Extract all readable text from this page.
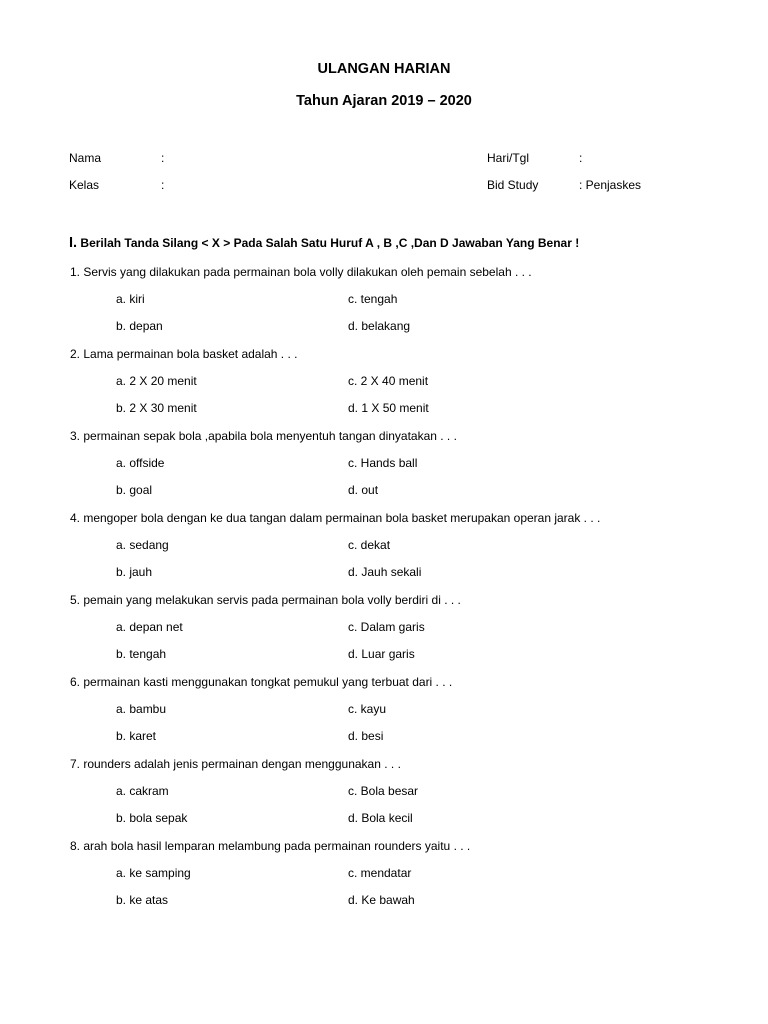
ULANGAN HARIAN
Tahun Ajaran 2019 – 2020
Nama	:	Hari/Tgl	:
Kelas	:	Bid Study	: Penjaskes
I. Berilah Tanda Silang < X > Pada Salah Satu Huruf A , B ,C ,Dan D Jawaban Yang Benar !
1. Servis yang dilakukan pada permainan bola volly dilakukan oleh pemain sebelah . . .
a. kiri	c. tengah
b. depan	d. belakang
2. Lama permainan bola basket adalah . . .
a. 2 X 20 menit	c. 2 X 40 menit
b. 2 X 30 menit	d. 1 X 50 menit
3. permainan sepak bola ,apabila bola menyentuh tangan dinyatakan . . .
a. offside	c. Hands ball
b. goal	d. out
4. mengoper bola dengan ke dua tangan dalam permainan bola basket merupakan operan jarak . . .
a. sedang	c. dekat
b. jauh	d. Jauh sekali
5. pemain yang melakukan servis pada permainan bola volly berdiri di . . .
a. depan net	c. Dalam garis
b. tengah	d. Luar garis
6. permainan kasti menggunakan tongkat pemukul yang terbuat dari . . .
a. bambu	c. kayu
b. karet	d. besi
7. rounders adalah jenis permainan dengan menggunakan . . .
a. cakram	c. Bola besar
b. bola sepak	d. Bola kecil
8. arah bola hasil lemparan melambung pada permainan rounders yaitu . . .
a. ke samping	c. mendatar
b. ke atas	d. Ke bawah
